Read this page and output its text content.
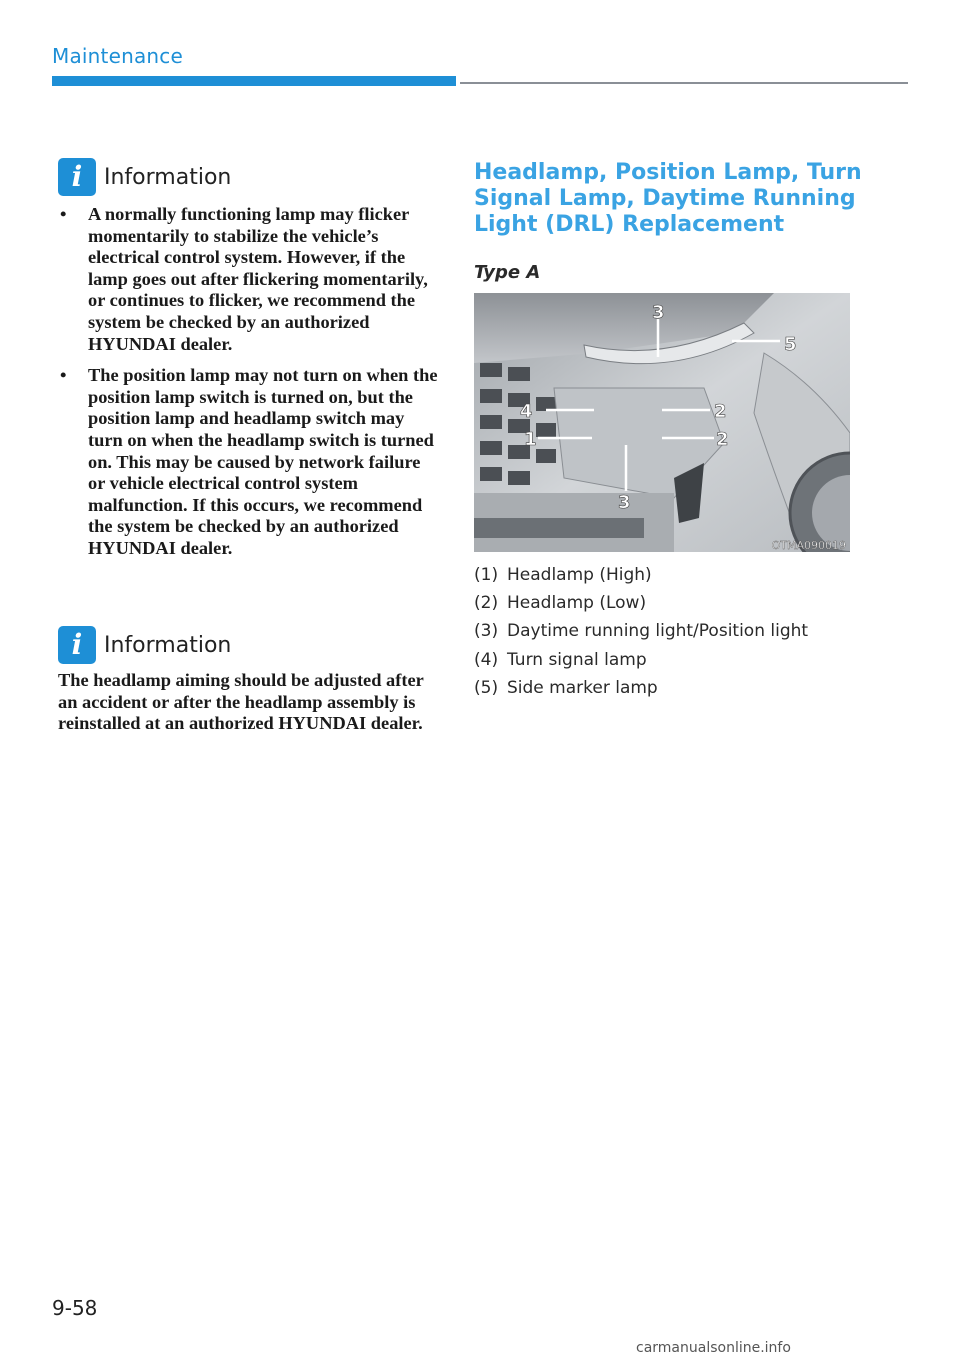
Maintenance
i Information
• A normally functioning lamp may flicker momentarily to stabilize the vehicle’s electrical control system. However, if the lamp goes out after flickering momentarily, or continues to flicker, we recommend the system be checked by an authorized HYUNDAI dealer.
• The position lamp may not turn on when the position lamp switch is turned on, but the position lamp and headlamp switch may turn on when the headlamp switch is turned on. This may be caused by network failure or vehicle electrical control system malfunction. If this occurs, we recommend the system be checked by an authorized HYUNDAI dealer.
i Information

The headlamp aiming should be adjusted after an accident or after the headlamp assembly is reinstalled at an authorized HYUNDAI dealer.

Headlamp, Position Lamp, Turn Signal Lamp, Daytime Running Light (DRL) Replacement
Type A
3
5
4	2
1	2
3
OTMA090019
(1) Headlamp (High)
(2) Headlamp (Low)
(3) Daytime running light/Position light
(4) Turn signal lamp
(5) Side marker lamp
9-58
carmanualsonline.info
